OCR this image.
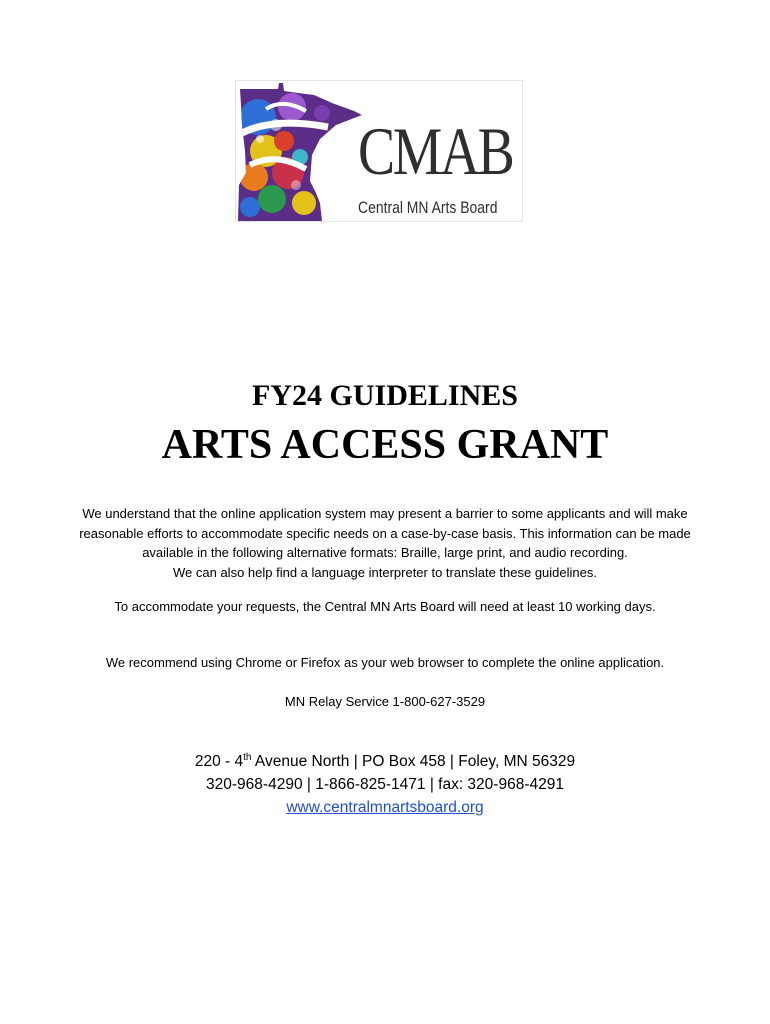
CMAB
Central MN Arts Board
FY24 GUIDELINES
ARTS ACCESS GRANT
We understand that the online application system may present a barrier to some applicants and will make
reasonable efforts to accommodate specific needs on a case-by-case basis. This information can be made
available in the following alternative formats: Braille, large print, and audio recording.
We can also help find a language interpreter to translate these guidelines.
To accommodate your requests, the Central MN Arts Board will need at least 10 working days.
We recommend using Chrome or Firefox as your web browser to complete the online application.
MN Relay Service 1-800-627-3529
220 - 4th Avenue North | PO Box 458 | Foley, MN 56329
320-968-4290 | 1-866-825-1471 | fax: 320-968-4291
www.centralmnartsboard.org
